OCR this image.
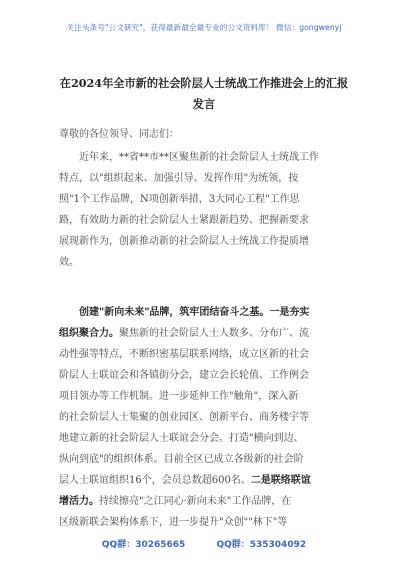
关注头条号"公文研究"，获得最新最全最专业的公文资料库！ 微信：gongwenyj
在2024年全市新的社会阶层人士统战工作推进会上的汇报
发言
尊敬的各位领导、同志们：
近年来，**省**市**区聚焦新的社会阶层人士统战工作
特点，以"组织起来、加强引导、发挥作用"为统领，按
照"1个工作品牌，N项创新举措，3大同心工程"工作思
路，有效助力新的社会阶层人士紧跟新趋势、把握新要求
展现新作为，创新推动新的社会阶层人士统战工作提质增
效。
创建"新向未来"品牌，筑牢团结奋斗之基。一是夯实
组织聚合力。聚焦新的社会阶层人士人数多、分布广、流
动性强等特点，不断织密基层联系网络，成立区新的社会
阶层人士联谊会和各镇街分会，建立会长轮值、工作例会
项目领办等工作机制。进一步延伸工作"触角"，深入新
的社会阶层人士集聚的创业园区、创新平台、商务楼宇等
地建立新的社会阶层人士联谊会分会。打造"横向到边、
纵向到底"的组织体系。目前全区已成立各级新的社会阶
层人士联谊组织16个，会员总数超600名。二是联络联谊
增活力。持续擦亮"之江同心·新向未来"工作品牌，在
区级新联会架构体系下，进一步提升"众创""林下"等
QQ群：30265665	QQ群：535304092
